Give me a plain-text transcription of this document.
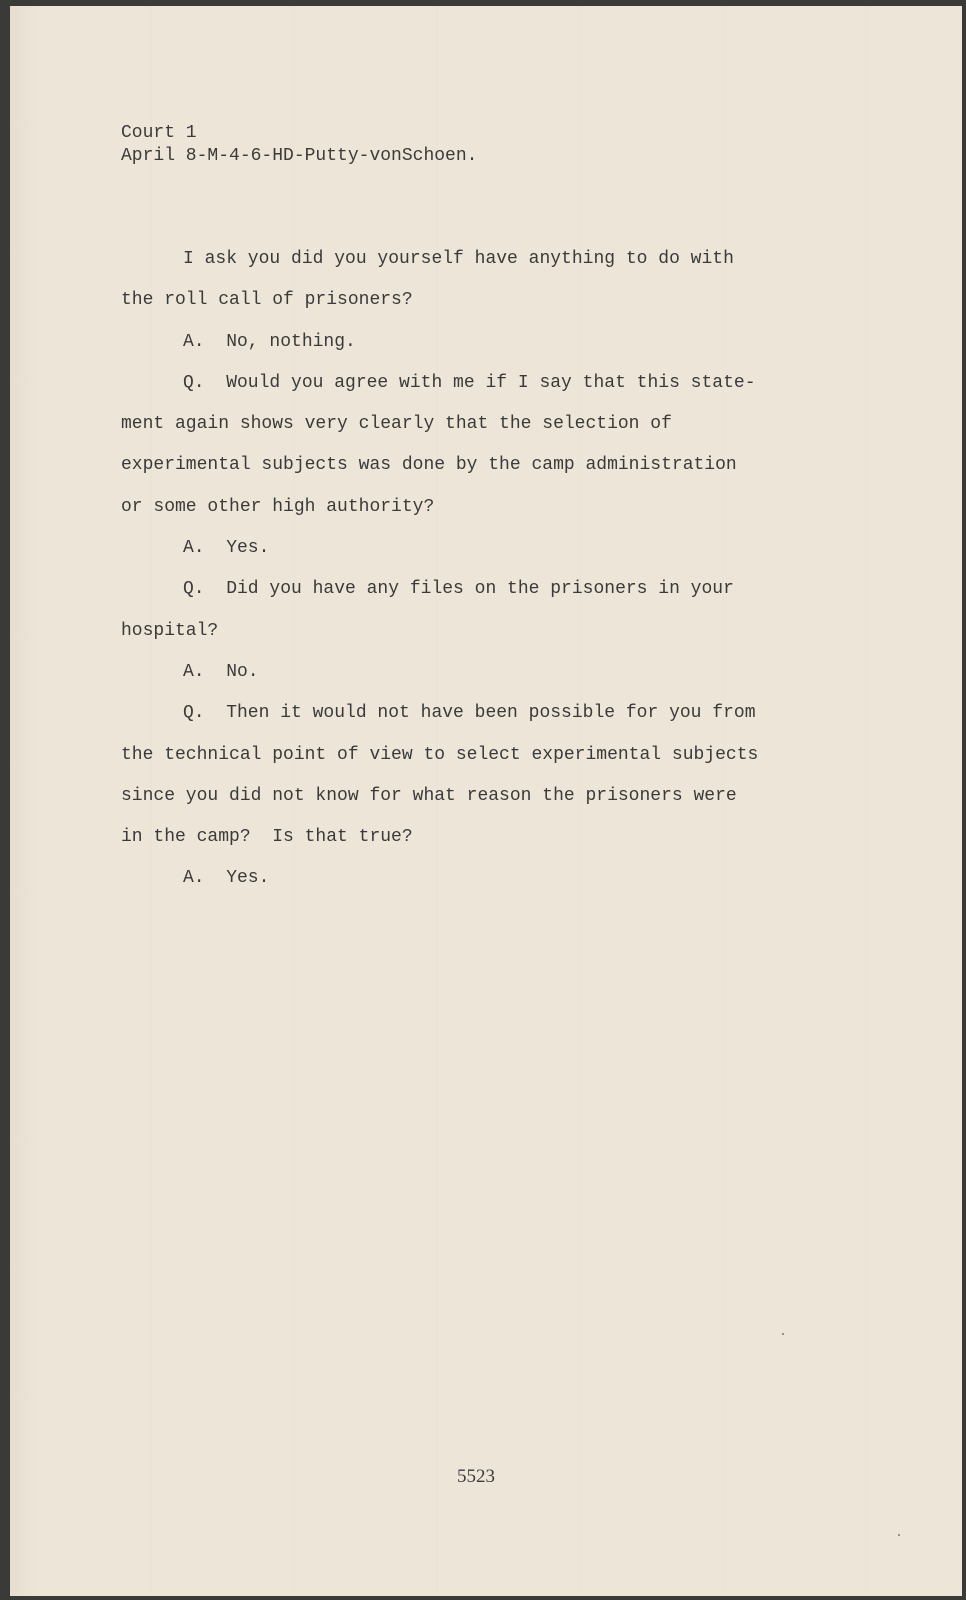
Court 1
April 8-M-4-6-HD-Putty-vonSchoen.
I ask you did you yourself have anything to do with
the roll call of prisoners?
A.  No, nothing.
Q.  Would you agree with me if I say that this state-
ment again shows very clearly that the selection of
experimental subjects was done by the camp administration
or some other high authority?
A.  Yes.
Q.  Did you have any files on the prisoners in your
hospital?
A.  No.
Q.  Then it would not have been possible for you from
the technical point of view to select experimental subjects
since you did not know for what reason the prisoners were
in the camp?  Is that true?
A.  Yes.
5523
